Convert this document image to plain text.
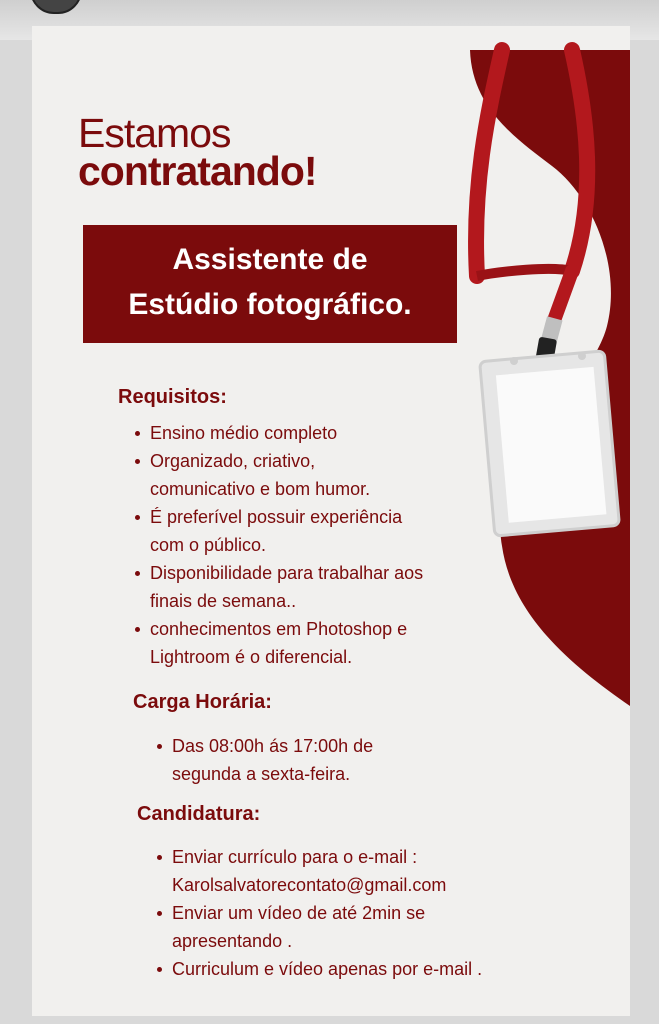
Estamos
contratando!
Assistente de
Estúdio fotográfico.
Requisitos:
Ensino médio completo
Organizado, criativo,
comunicativo e bom humor.
É preferível possuir experiência
com o público.
Disponibilidade para trabalhar aos
finais de semana..
conhecimentos em Photoshop e
Lightroom é o diferencial.
Carga Horária:
Das 08:00h ás 17:00h de
segunda a sexta-feira.
Candidatura:
Enviar currículo para o e-mail :
Karolsalvatorecontato@gmail.com
Enviar um vídeo de até 2min se
apresentando .
Curriculum e vídeo apenas por e-mail .
